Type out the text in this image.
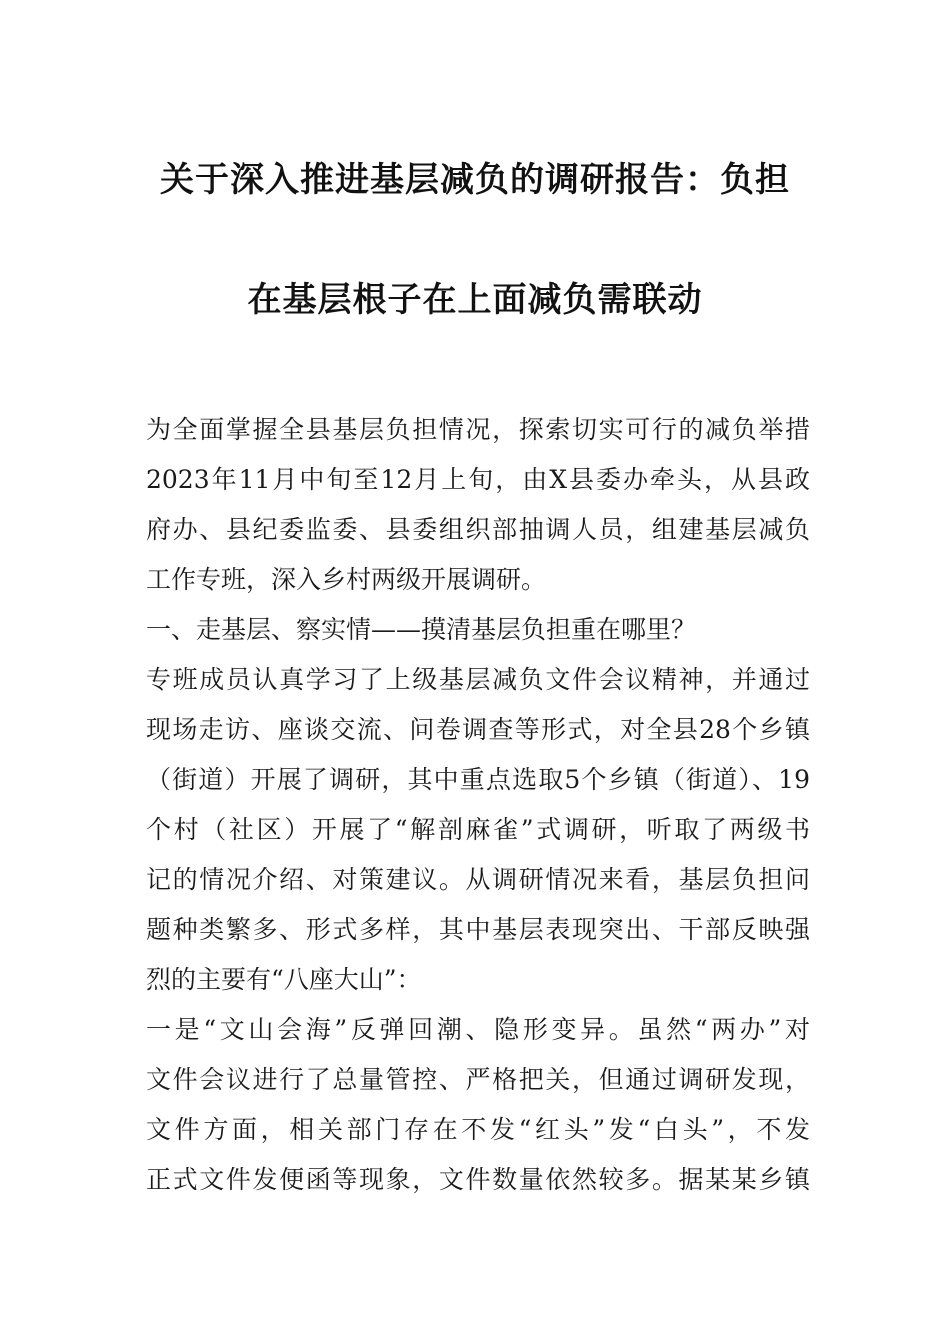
关于深入推进基层减负的调研报告：负担
在基层根子在上面减负需联动
为全面掌握全县基层负担情况，探索切实可行的减负举措
2023年11月中旬至12月上旬，由X县委办牵头，从县政
府办、县纪委监委、县委组织部抽调人员，组建基层减负
工作专班，深入乡村两级开展调研。
一、走基层、察实情——摸清基层负担重在哪里？
专班成员认真学习了上级基层减负文件会议精神，并通过
现场走访、座谈交流、问卷调查等形式，对全县28个乡镇
（街道）开展了调研，其中重点选取5个乡镇（街道）、19
个村（社区）开展了“解剖麻雀”式调研，听取了两级书
记的情况介绍、对策建议。从调研情况来看，基层负担问
题种类繁多、形式多样，其中基层表现突出、干部反映强
烈的主要有“八座大山”：
一是“文山会海”反弹回潮、隐形变异。虽然“两办”对
文件会议进行了总量管控、严格把关，但通过调研发现，
文件方面，相关部门存在不发“红头”发“白头”，不发
正式文件发便函等现象，文件数量依然较多。据某某乡镇
